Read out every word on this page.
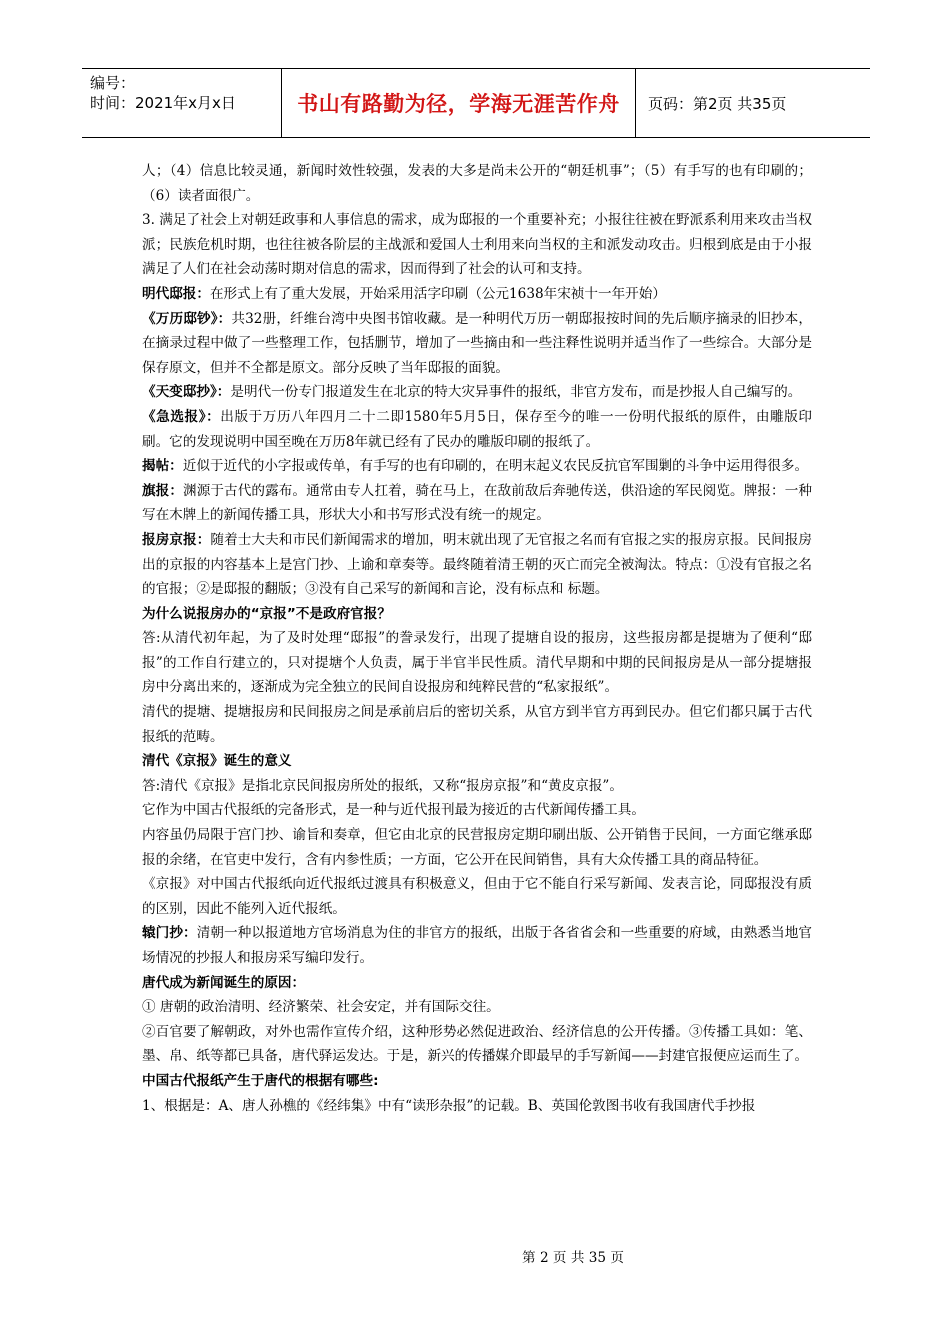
编号：
时间：2021年x月x日	书山有路勤为径，学海无涯苦作舟	页码：第2页 共35页

人；（4）信息比较灵通，新闻时效性较强，发表的大多是尚未公开的“朝廷机事”；（5）有手写的也有印刷的；（6）读者面很广。

3. 满足了社会上对朝廷政事和人事信息的需求，成为邸报的一个重要补充；小报往往被在野派系利用来攻击当权派；民族危机时期，也往往被各阶层的主战派和爱国人士利用来向当权的主和派发动攻击。归根到底是由于小报满足了人们在社会动荡时期对信息的需求，因而得到了社会的认可和支持。

明代邸报：在形式上有了重大发展，开始采用活字印刷（公元1638年宋祯十一年开始）

《万历邸钞》：共32册，纤维台湾中央图书馆收藏。是一种明代万历一朝邸报按时间的先后顺序摘录的旧抄本，在摘录过程中做了一些整理工作，包括删节，增加了一些摘由和一些注释性说明并适当作了一些综合。大部分是保存原文，但并不全都是原文。部分反映了当年邸报的面貌。

《天变邸抄》：是明代一份专门报道发生在北京的特大灾异事件的报纸，非官方发布，而是抄报人自己编写的。

《急选报》：出版于万历八年四月二十二即1580年5月5日，保存至今的唯一一份明代报纸的原件，由雕版印刷。它的发现说明中国至晚在万历8年就已经有了民办的雕版印刷的报纸了。

揭帖：近似于近代的小字报或传单，有手写的也有印刷的，在明末起义农民反抗官军围剿的斗争中运用得很多。

旗报：渊源于古代的露布。通常由专人扛着，骑在马上，在敌前敌后奔驰传送，供沿途的军民阅览。牌报：一种写在木牌上的新闻传播工具，形状大小和书写形式没有统一的规定。

报房京报：随着士大夫和市民们新闻需求的增加，明末就出现了无官报之名而有官报之实的报房京报。民间报房出的京报的内容基本上是宫门抄、上谕和章奏等。最终随着清王朝的灭亡而完全被淘汰。特点：①没有官报之名的官报；②是邸报的翻版；③没有自己采写的新闻和言论，没有标点和 标题。

为什么说报房办的“京报”不是政府官报？

答:从清代初年起，为了及时处理“邸报”的誊录发行，出现了提塘自设的报房，这些报房都是提塘为了便利“邸报”的工作自行建立的，只对提塘个人负责，属于半官半民性质。清代早期和中期的民间报房是从一部分提塘报房中分离出来的，逐渐成为完全独立的民间自设报房和纯粹民营的“私家报纸”。

清代的提塘、提塘报房和民间报房之间是承前启后的密切关系，从官方到半官方再到民办。但它们都只属于古代报纸的范畴。

清代《京报》诞生的意义

答:清代《京报》是指北京民间报房所处的报纸，又称“报房京报”和“黄皮京报”。

它作为中国古代报纸的完备形式，是一种与近代报刊最为接近的古代新闻传播工具。

内容虽仍局限于宫门抄、谕旨和奏章，但它由北京的民营报房定期印刷出版、公开销售于民间，一方面它继承邸报的余绪，在官吏中发行，含有内参性质；一方面，它公开在民间销售，具有大众传播工具的商品特征。

《京报》对中国古代报纸向近代报纸过渡具有积极意义，但由于它不能自行采写新闻、发表言论，同邸报没有质的区别，因此不能列入近代报纸。

辕门抄：清朝一种以报道地方官场消息为住的非官方的报纸，出版于各省省会和一些重要的府域，由熟悉当地官场情况的抄报人和报房采写编印发行。

唐代成为新闻诞生的原因：

① 唐朝的政治清明、经济繁荣、社会安定，并有国际交往。

②百官要了解朝政，对外也需作宣传介绍，这种形势必然促进政治、经济信息的公开传播。③传播工具如：笔、墨、帛、纸等都已具备，唐代驿运发达。于是，新兴的传播媒介即最早的手写新闻——封建官报便应运而生了。

中国古代报纸产生于唐代的根据有哪些:

1、根据是：A、唐人孙樵的《经纬集》中有“读形杂报”的记载。B、英国伦敦图书收有我国唐代手抄报

第 2 页 共 35 页
